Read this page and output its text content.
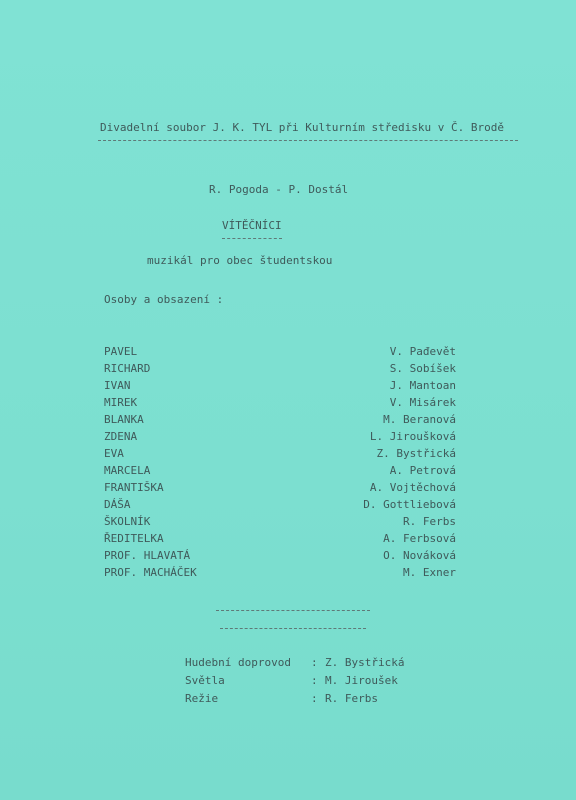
Divadelní soubor J. K. TYL při Kulturním středisku v Č. Brodě
R. Pogoda - P. Dostál
VÍTĚČNÍCI
muzikál pro obec študentskou
Osoby a obsazení :
PAVEL	V. Pađevět
RICHARD	S. Sobíšek
IVAN	J. Mantoan
MIREK	V. Misárek
BLANKA	M. Beranová
ZDENA	L. Jiroušková
EVA	Z. Bystřická
MARCELA	A. Petrová
FRANTIŠKA	A. Vojtěchová
DÁŠA	D. Gottliebová
ŠKOLNÍK	R. Ferbs
ŘEDITELKA	A. Ferbsová
PROF. HLAVATÁ	O. Nováková
PROF. MACHÁČEK	M. Exner
Hudební doprovod : Z. Bystřická
Světla	: M. Jiroušek
Režie	: R. Ferbs
